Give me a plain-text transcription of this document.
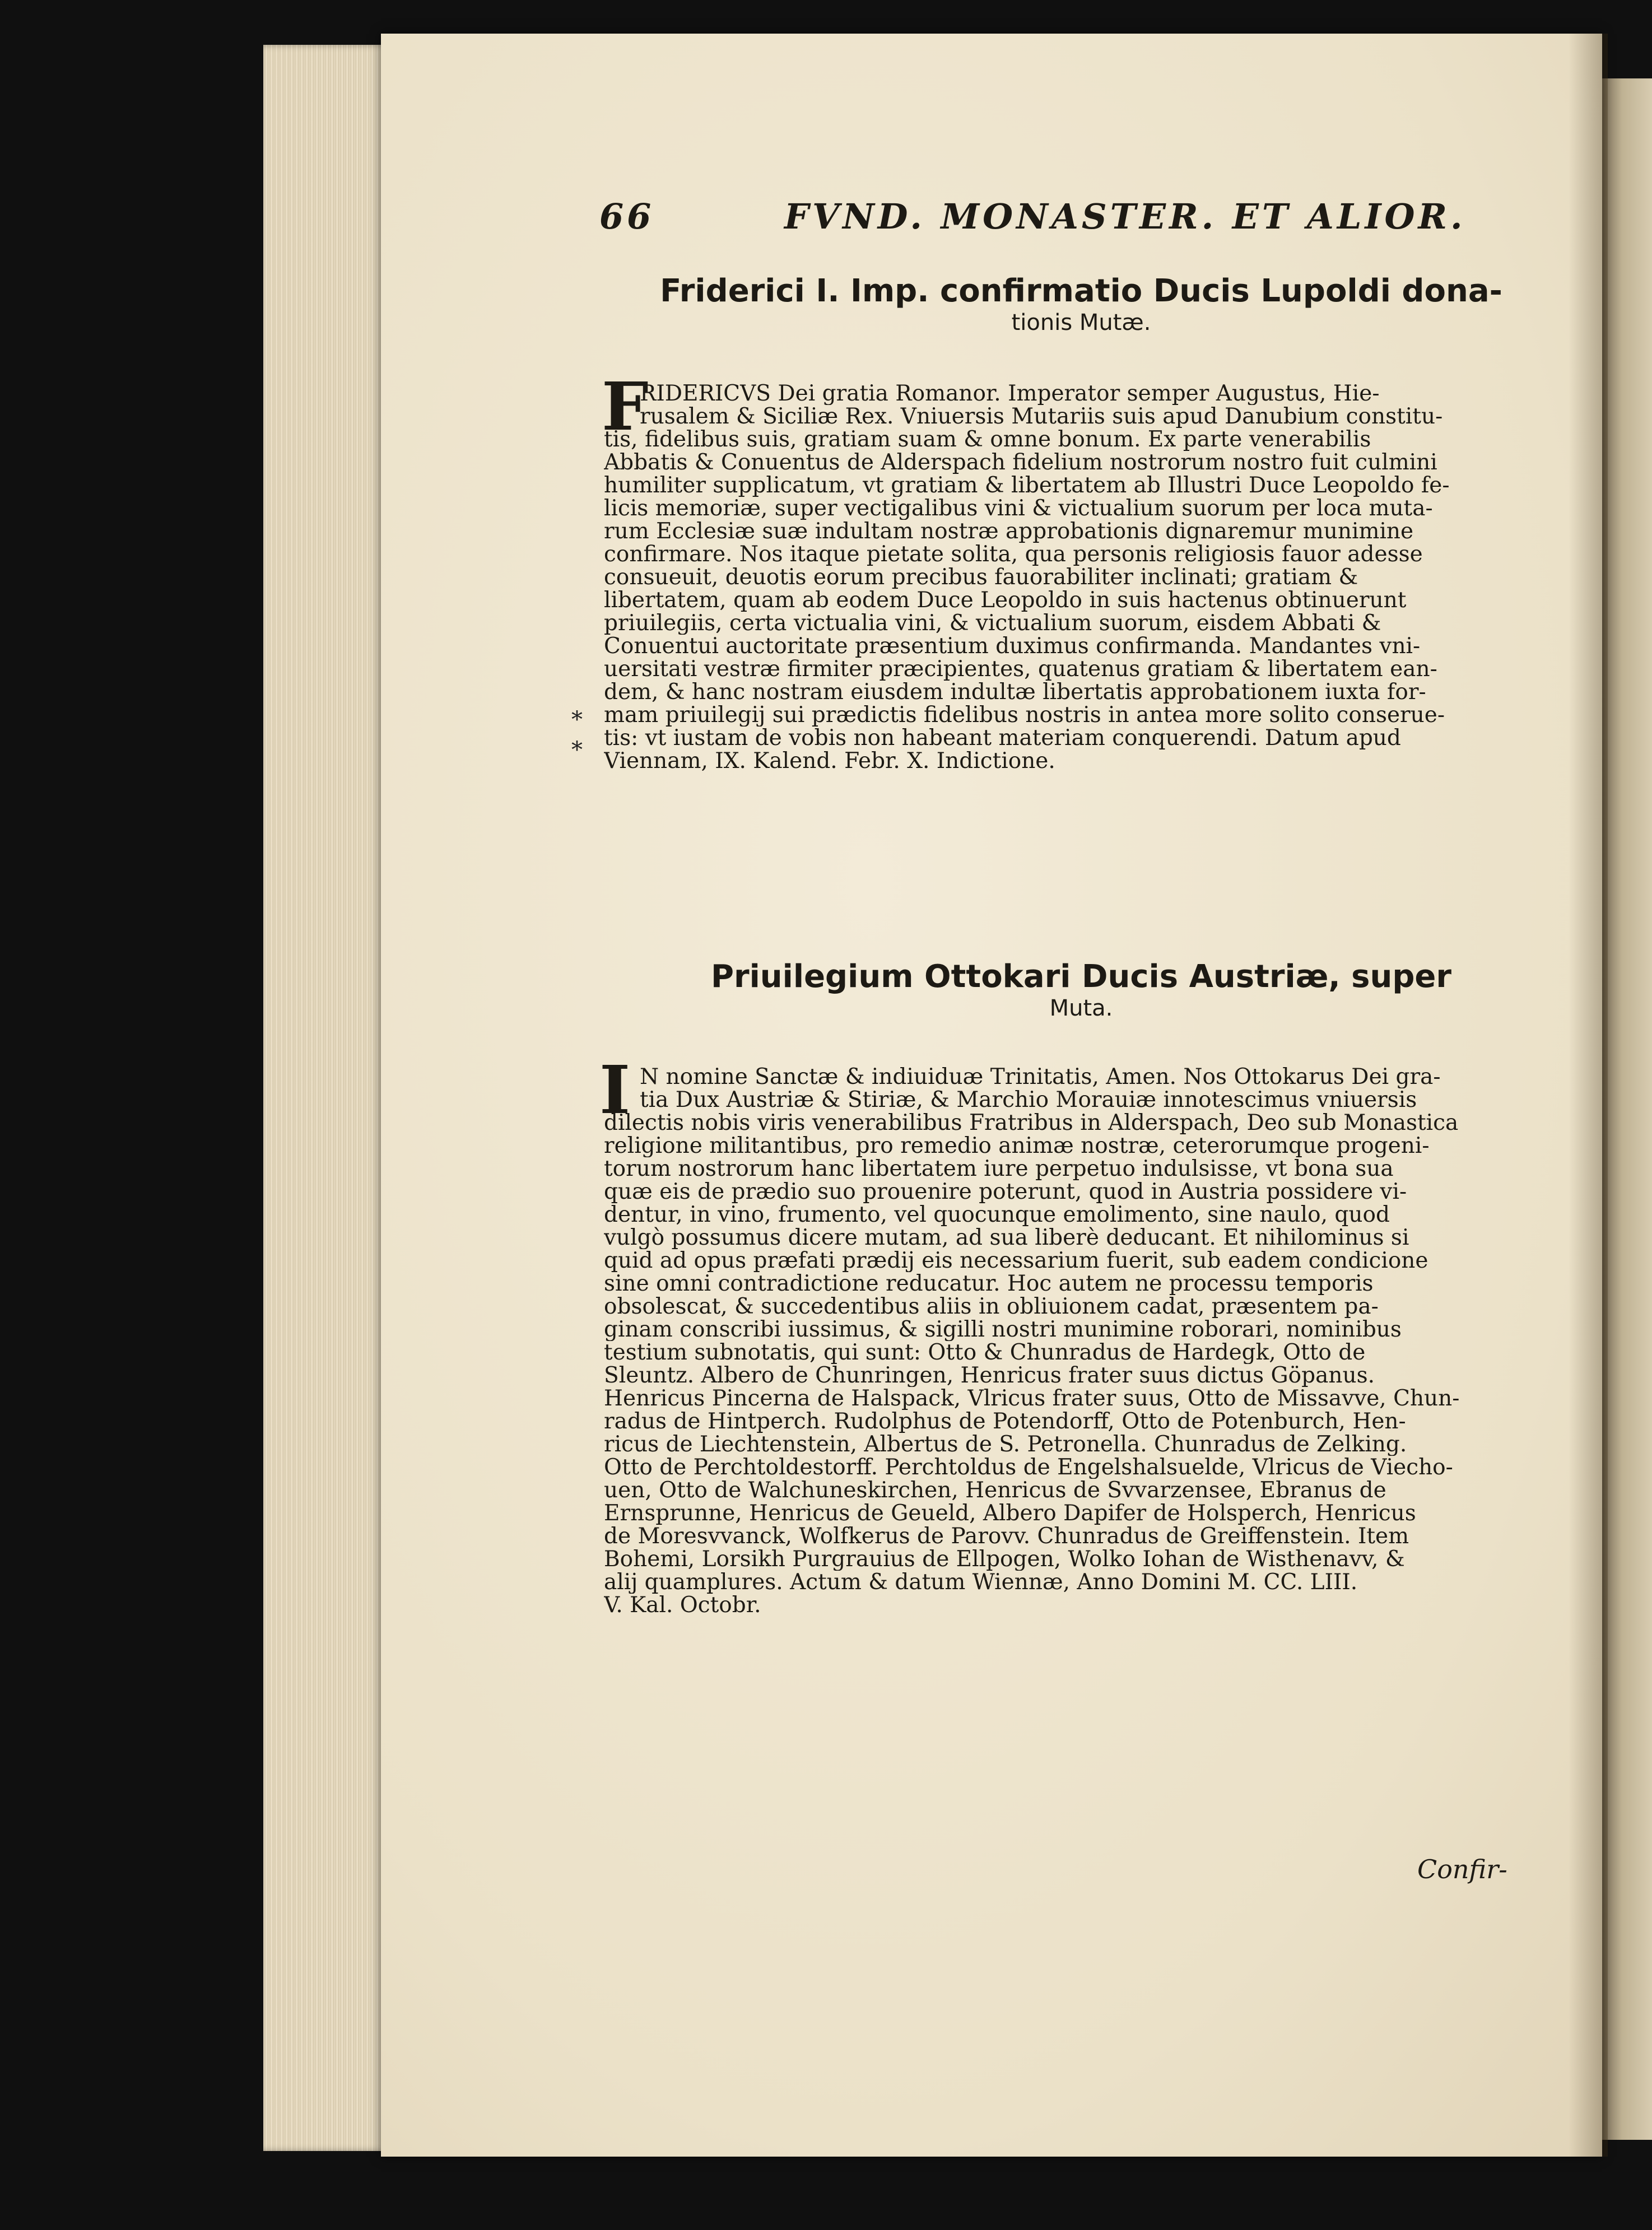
66	FVND. MONASTER. ET ALIOR.
Friderici I. Imp. confirmatio Ducis Lupoldi dona-
tionis Mutæ.
F
RIDERICVS Dei gratia Romanor. Imperator semper Augustus, Hie-
rusalem & Siciliæ Rex. Vniuersis Mutariis suis apud Danubium constitu-
tis, fidelibus suis, gratiam suam & omne bonum. Ex parte venerabilis
Abbatis & Conuentus de Alderspach fidelium nostrorum nostro fuit culmini
humiliter supplicatum, vt gratiam & libertatem ab Illustri Duce Leopoldo fe-
licis memoriæ, super vectigalibus vini & victualium suorum per loca muta-
rum Ecclesiæ suæ indultam nostræ approbationis dignaremur munimine
confirmare. Nos itaque pietate solita, qua personis religiosis fauor adesse
consueuit, deuotis eorum precibus fauorabiliter inclinati; gratiam &
libertatem, quam ab eodem Duce Leopoldo in suis hactenus obtinuerunt
priuilegiis, certa victualia vini, & victualium suorum, eisdem Abbati &
Conuentui auctoritate præsentium duximus confirmanda. Mandantes vni-
uersitati vestræ firmiter præcipientes, quatenus gratiam & libertatem ean-
dem, & hanc nostram eiusdem indultæ libertatis approbationem iuxta for-
mam priuilegij sui prædictis fidelibus nostris in antea more solito conserue-
tis: vt iustam de vobis non habeant materiam conquerendi. Datum apud
Viennam, IX. Kalend. Febr. X. Indictione.
Priuilegium Ottokari Ducis Austriæ, super
Muta.
I N nomine Sanctæ & indiuiduæ Trinitatis, Amen. Nos Ottokarus Dei gra-
tia Dux Austriæ & Stiriæ, & Marchio Morauiæ innotescimus vniuersis
dilectis nobis viris venerabilibus Fratribus in Alderspach, Deo sub Monastica
religione militantibus, pro remedio animæ nostræ, ceterorumque progeni-
torum nostrorum hanc libertatem iure perpetuo indulsisse, vt bona sua
quæ eis de prædio suo prouenire poterunt, quod in Austria possidere vi-
dentur, in vino, frumento, vel quocunque emolimento, sine naulo, quod
vulgò possumus dicere mutam, ad sua liberè deducant. Et nihilominus si
quid ad opus præfati prædij eis necessarium fuerit, sub eadem condicione
sine omni contradictione reducatur. Hoc autem ne processu temporis
obsolescat, & succedentibus aliis in obliuionem cadat, præsentem pa-
ginam conscribi iussimus, & sigilli nostri munimine roborari, nominibus
testium subnotatis, qui sunt: Otto & Chunradus de Hardegk, Otto de
Sleuntz. Albero de Chunringen, Henricus frater suus dictus Göpanus.
Henricus Pincerna de Halspack, Vlricus frater suus, Otto de Missavve, Chun-
radus de Hintperch. Rudolphus de Potendorff, Otto de Potenburch, Hen-
ricus de Liechtenstein, Albertus de S. Petronella. Chunradus de Zelking.
Otto de Perchtoldestorff. Perchtoldus de Engelshalsuelde, Vlricus de Viecho-
uen, Otto de Walchuneskirchen, Henricus de Svvarzensee, Ebranus de
Ernsprunne, Henricus de Geueld, Albero Dapifer de Holsperch, Henricus
de Moresvvanck, Wolfkerus de Parovv. Chunradus de Greiffenstein. Item
Bohemi, Lorsikh Purgrauius de Ellpogen, Wolko Iohan de Wisthenavv, &
alij quamplures. Actum & datum Wiennæ, Anno Domini M. CC. LIII.
V. Kal. Octobr.
*
*
Confir-
